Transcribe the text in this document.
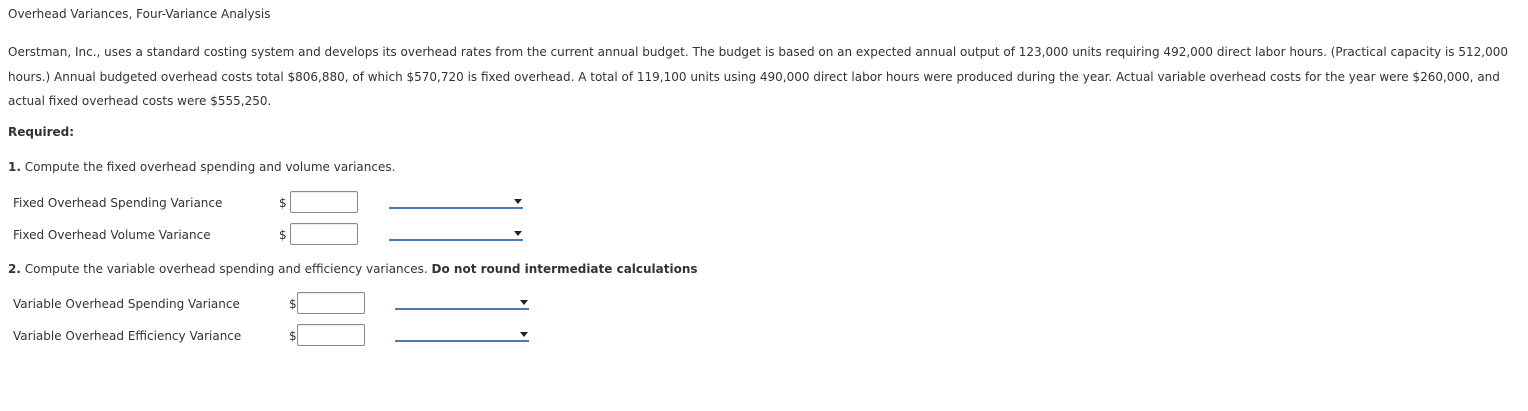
Overhead Variances, Four-Variance Analysis

Oerstman, Inc., uses a standard costing system and develops its overhead rates from the current annual budget. The budget is based on an expected annual output of 123,000 units requiring 492,000 direct labor hours. (Practical capacity is 512,000 hours.) Annual budgeted overhead costs total $806,880, of which $570,720 is fixed overhead. A total of 119,100 units using 490,000 direct labor hours were produced during the year. Actual variable overhead costs for the year were $260,000, and actual fixed overhead costs were $555,250.

Required:
1. Compute the fixed overhead spending and volume variances.
Fixed Overhead Spending Variance	$
Fixed Overhead Volume Variance	$
2. Compute the variable overhead spending and efficiency variances. Do not round intermediate calculations
Variable Overhead Spending Variance	$
Variable Overhead Efficiency Variance	$
